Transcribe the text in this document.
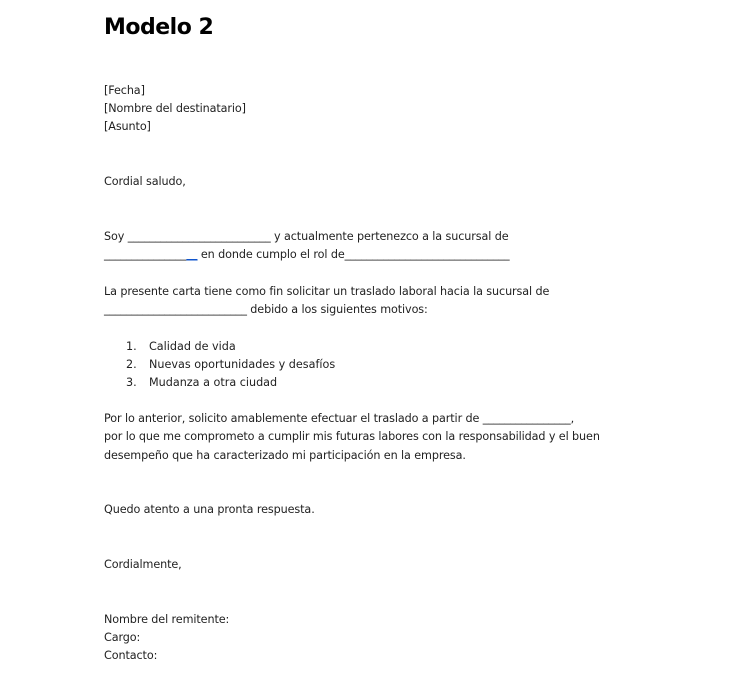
Modelo 2
[Fecha]
[Nombre del destinatario]
[Asunto]
Cordial saludo,
Soy __________________________ y actualmente pertenezco a la sucursal de
_________________ en donde cumplo el rol de______________________________
La presente carta tiene como fin solicitar un traslado laboral hacia la sucursal de
__________________________ debido a los siguientes motivos:
1. Calidad de vida
2. Nuevas oportunidades y desafíos
3. Mudanza a otra ciudad
Por lo anterior, solicito amablemente efectuar el traslado a partir de ________________,
por lo que me comprometo a cumplir mis futuras labores con la responsabilidad y el buen
desempeño que ha caracterizado mi participación en la empresa.
Quedo atento a una pronta respuesta.
Cordialmente,
Nombre del remitente:
Cargo:
Contacto:
